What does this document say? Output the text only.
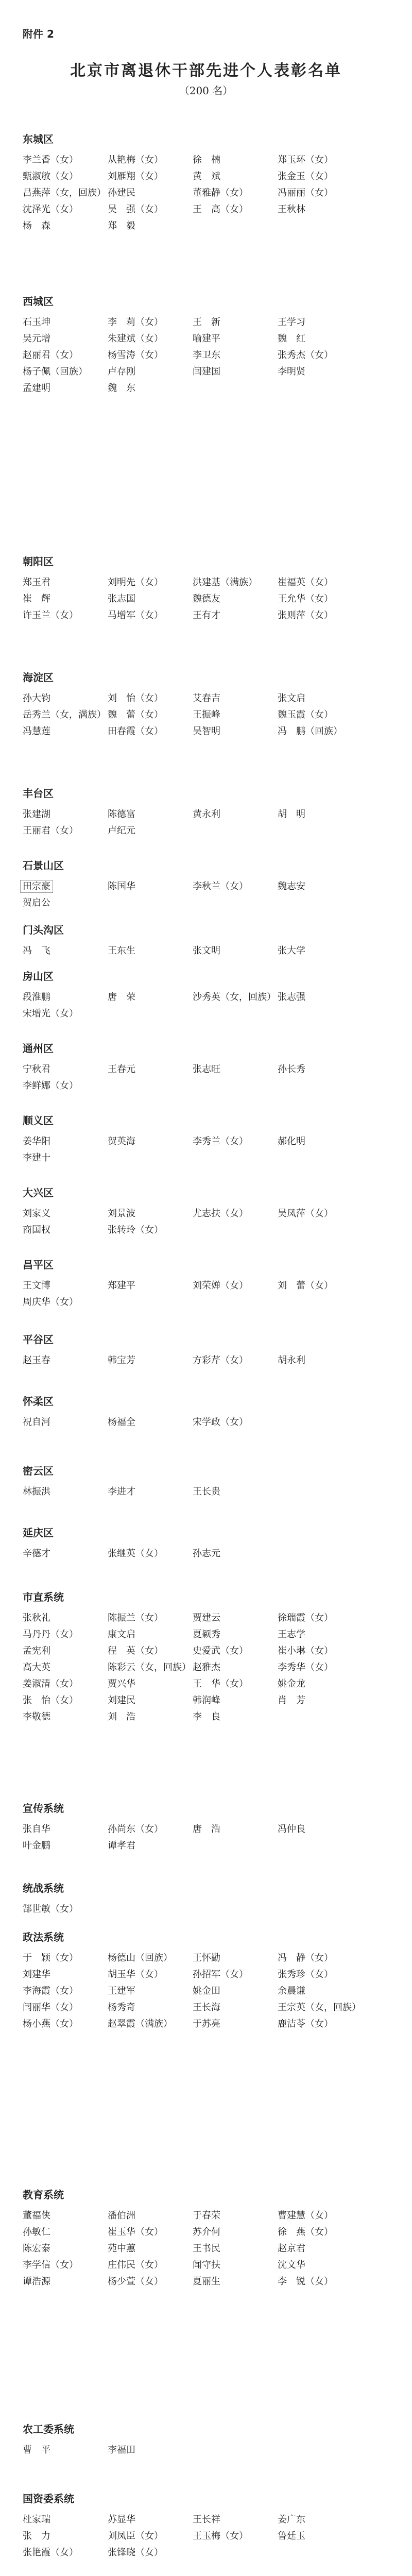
附件 2
北京市离退休干部先进个人表彰名单
（200 名）
东城区
李兰香（女）	从艳梅（女）	徐　楠	郑玉环（女）
甄淑敏（女）	刘雁翔（女）	黄　斌	张金玉（女）
吕燕萍（女，回族） 孙建民	董雅静（女）	冯丽丽（女）
沈泽光（女）	吴　强（女）	王　高（女）	王秋林
杨　森	郑　毅
西城区
石玉坤	李　莉（女）	王　新	王学习
吴元增	朱建斌（女）	喻建平	魏　红
赵丽君（女）	杨雪涛（女）	李卫东	张秀杰（女）
杨子佩（回族）	卢存刚	闫建国	李明贤
孟建明	魏　东
朝阳区
郑玉君	刘明先（女）	洪建基（满族）	崔福英（女）
崔　辉	张志国	魏德友	王允华（女）
许玉兰（女）	马增军（女）	王有才	张则萍（女）
海淀区
孙大钧	刘　怡（女）	艾春吉	张文启
岳秀兰（女，满族） 魏　蕾（女）	王振峰	魏玉霞（女）
冯慧莲	田春霞（女）	吴智明	冯　鹏（回族）
丰台区
张建湖	陈德富	黄永利	胡　明
王丽君（女）	卢纪元
石景山区
田宗豪	陈国华	李秋兰（女）	魏志安
贺启公
门头沟区
冯　飞	王东生	张文明	张大学
房山区
段淮鹏	唐　荣	沙秀英（女，回族） 张志强
宋增光（女）
通州区
宁秋君	王春元	张志旺	孙长秀
李鲜娜（女）
顺义区
姜华阳	贺英海	李秀兰（女）	郝化明
李建十
大兴区
刘家义	刘景波	尤志扶（女）	吴凤萍（女）
商国权	张转玲（女）
昌平区
王文博	郑建平	刘荣婵（女）	刘　蕾（女）
周庆华（女）
平谷区
赵玉春	韩宝芳	方彩芹（女）	胡永利
怀柔区
祝自河	杨福全	宋学政（女）
密云区
林振洪	李进才	王长贵
延庆区
辛德才	张继英（女）	孙志元
市直系统
张秋礼	陈振兰（女）	贾建云	徐瑞霞（女）
马丹丹（女）	康文启	夏颖秀	王志学
孟宪利	程　英（女）	史爱武（女）	崔小琳（女）
高大英	陈彩云（女，回族） 赵雅杰	李秀华（女）
姜淑清（女）	贾兴华	王　华（女）	姚金龙
张　怡（女）	刘建民	韩润峰	肖　芳
李敬德	刘　浩	李　良
宣传系统
张自华	孙尚东（女）	唐　浩	冯仲良
叶金鹏	谭孝君
统战系统
郜世敏（女）
政法系统
于　颖（女）	杨德山（回族）	王怀勤	冯　静（女）
刘建华	胡玉华（女）	孙招军（女）	张秀珍（女）
李海霞（女）	王建军	姚金田	余晨谦
闫丽华（女）	杨秀奇	王长海	王宗英（女，回族）
杨小燕（女）	赵翠霞（满族）	于苏亮	鹿洁苓（女）
教育系统
董福侠	潘伯洲	于春荣	曹建慧（女）
孙敏仁	崔玉华（女）	苏介何	徐　燕（女）
陈宏泰	苑中蕙	王书民	赵京君
李学信（女）	庄伟民（女）	闻守扶	沈文华
谭浩源	杨少萱（女）	夏丽生	李　锐（女）
农工委系统
曹　平	李福田
国资委系统
杜家瑞	苏显华	王长祥	姜广东
张　力	刘凤臣（女）	王玉梅（女）	鲁廷玉
张艳霞（女）	张锋晓（女）
